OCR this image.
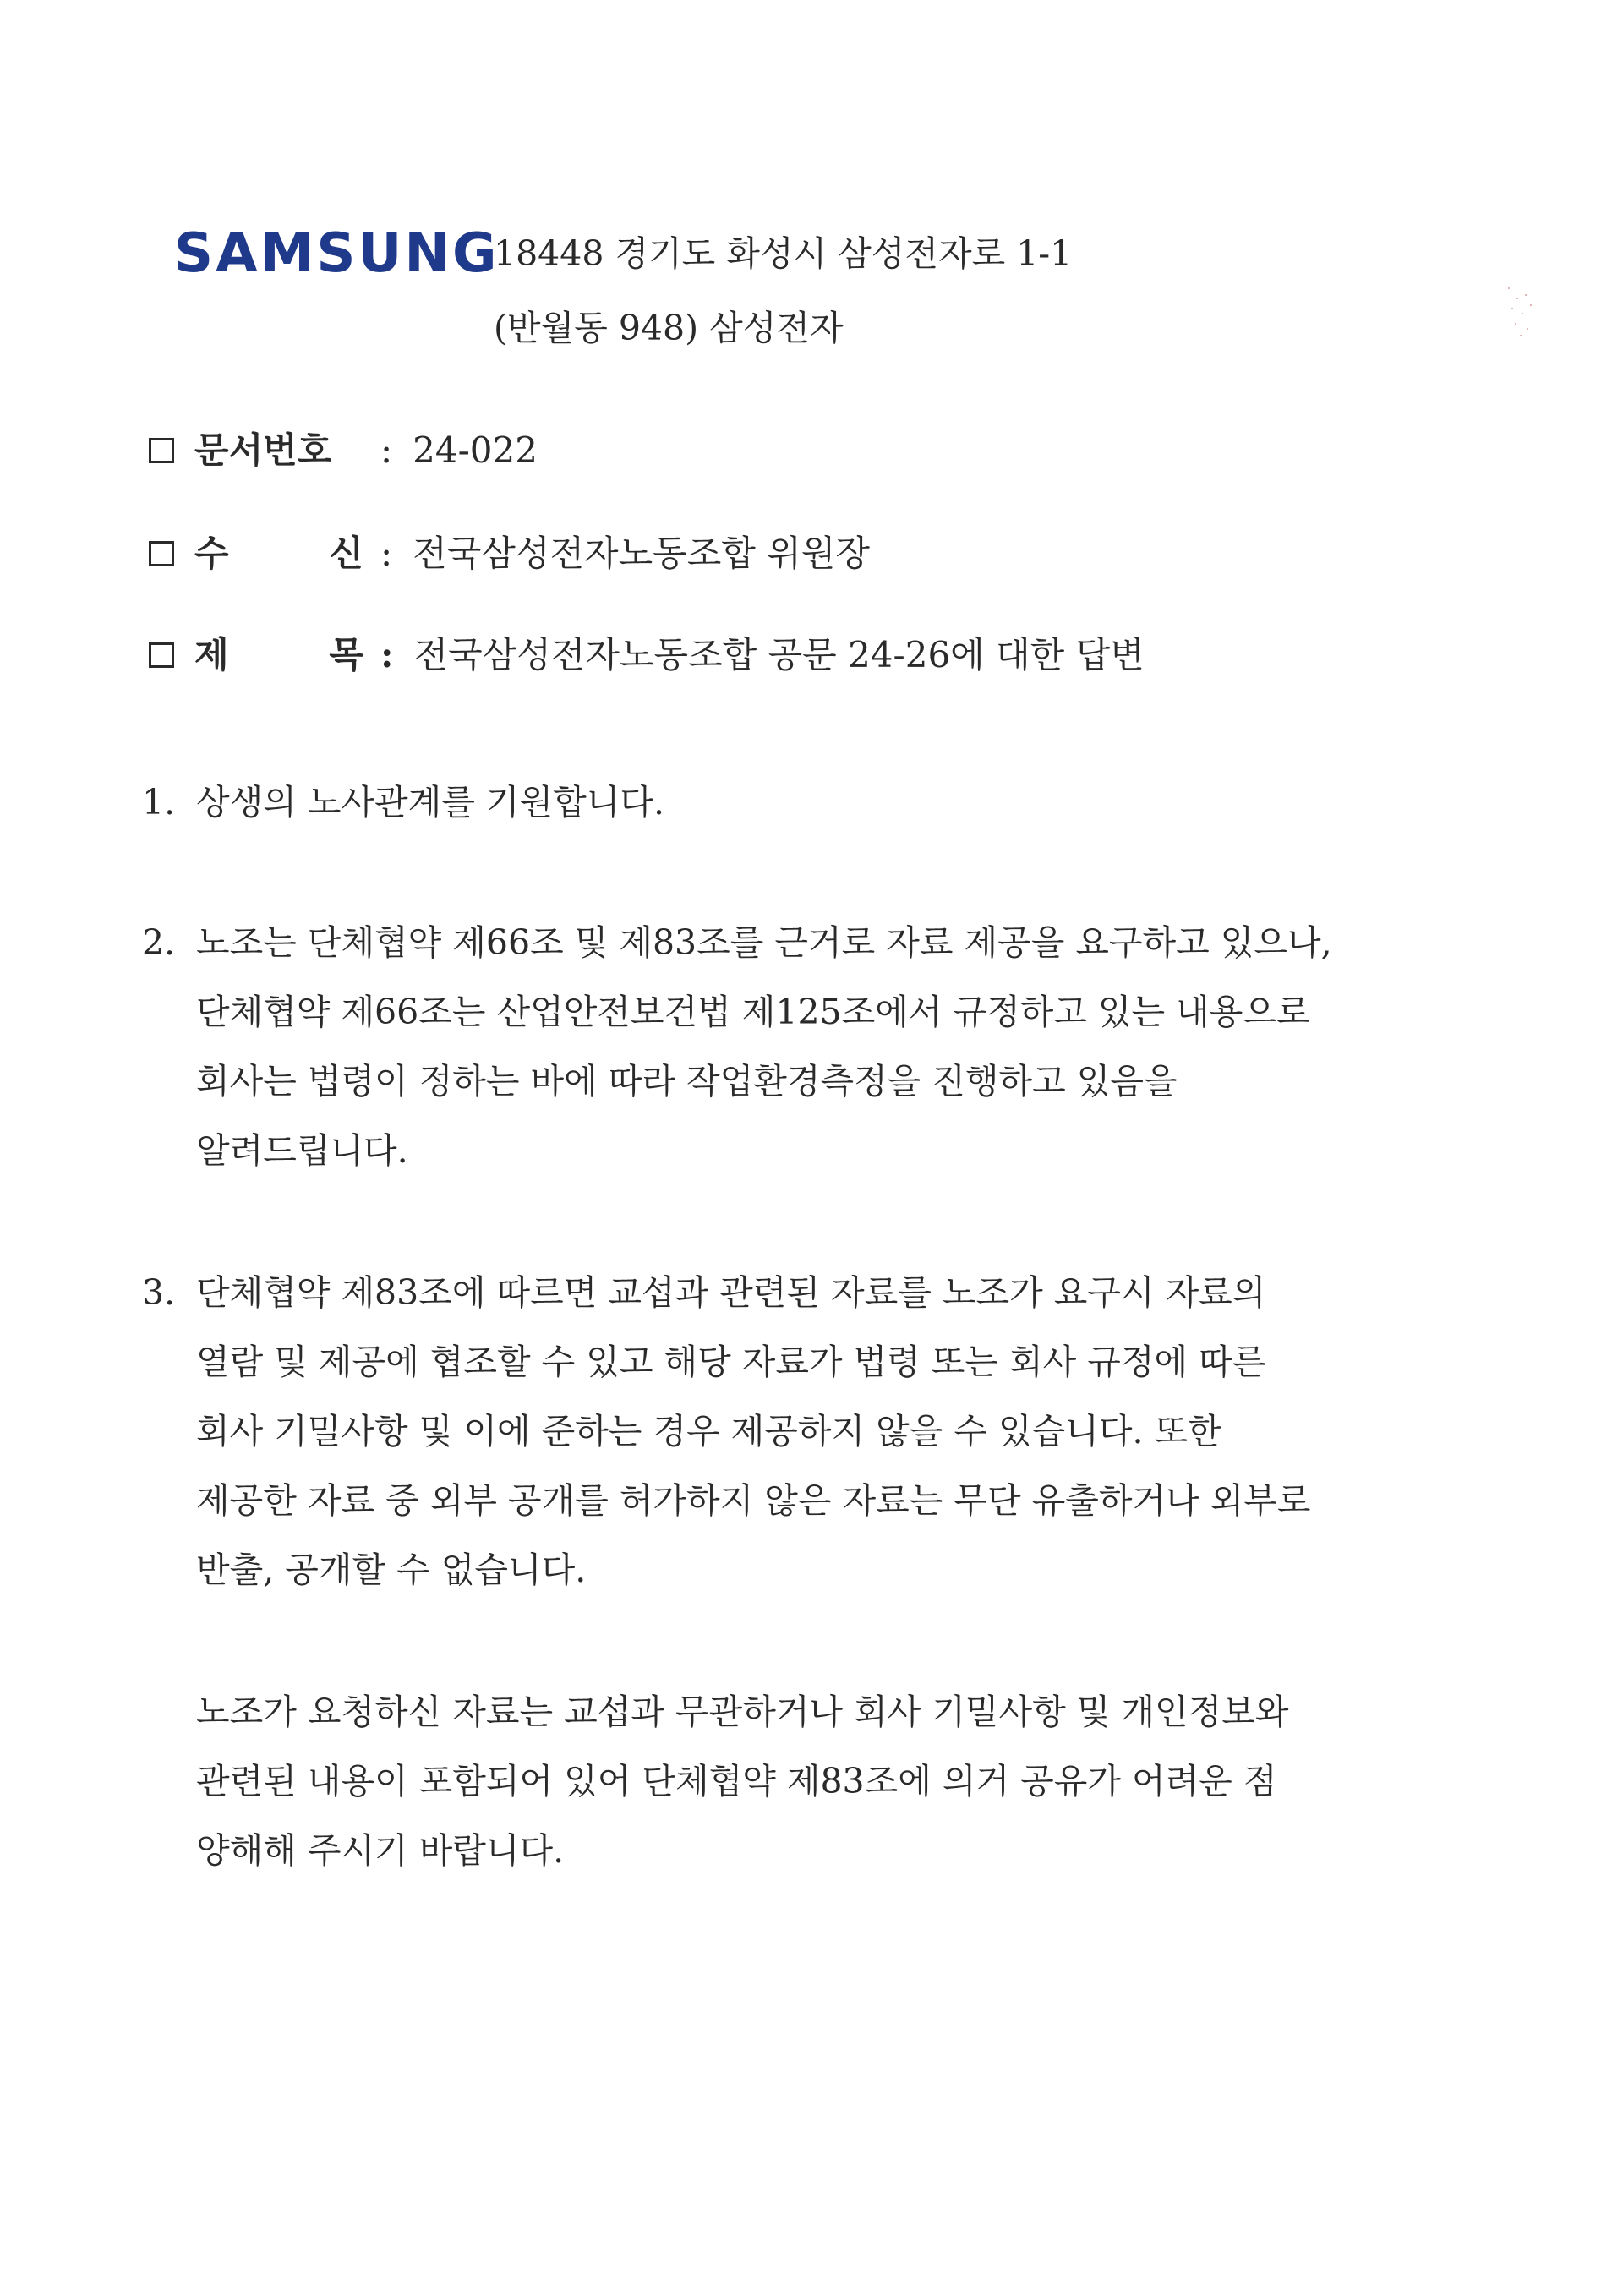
SAMSUNG
18448 경기도 화성시 삼성전자로 1-1
(반월동 948) 삼성전자
문서번호	: 24-022
수	신 : 전국삼성전자노동조합 위원장
제	목 : 전국삼성전자노동조합 공문 24-26에 대한 답변
1. 상생의 노사관계를 기원합니다.
2. 노조는 단체협약 제66조 및 제83조를 근거로 자료 제공을 요구하고 있으나,
단체협약 제66조는 산업안전보건법 제125조에서 규정하고 있는 내용으로
회사는 법령이 정하는 바에 따라 작업환경측정을 진행하고 있음을
알려드립니다.
3. 단체협약 제83조에 따르면 교섭과 관련된 자료를 노조가 요구시 자료의
열람 및 제공에 협조할 수 있고 해당 자료가 법령 또는 회사 규정에 따른
회사 기밀사항 및 이에 준하는 경우 제공하지 않을 수 있습니다. 또한
제공한 자료 중 외부 공개를 허가하지 않은 자료는 무단 유출하거나 외부로
반출, 공개할 수 없습니다.
노조가 요청하신 자료는 교섭과 무관하거나 회사 기밀사항 및 개인정보와
관련된 내용이 포함되어 있어 단체협약 제83조에 의거 공유가 어려운 점
양해해 주시기 바랍니다.
